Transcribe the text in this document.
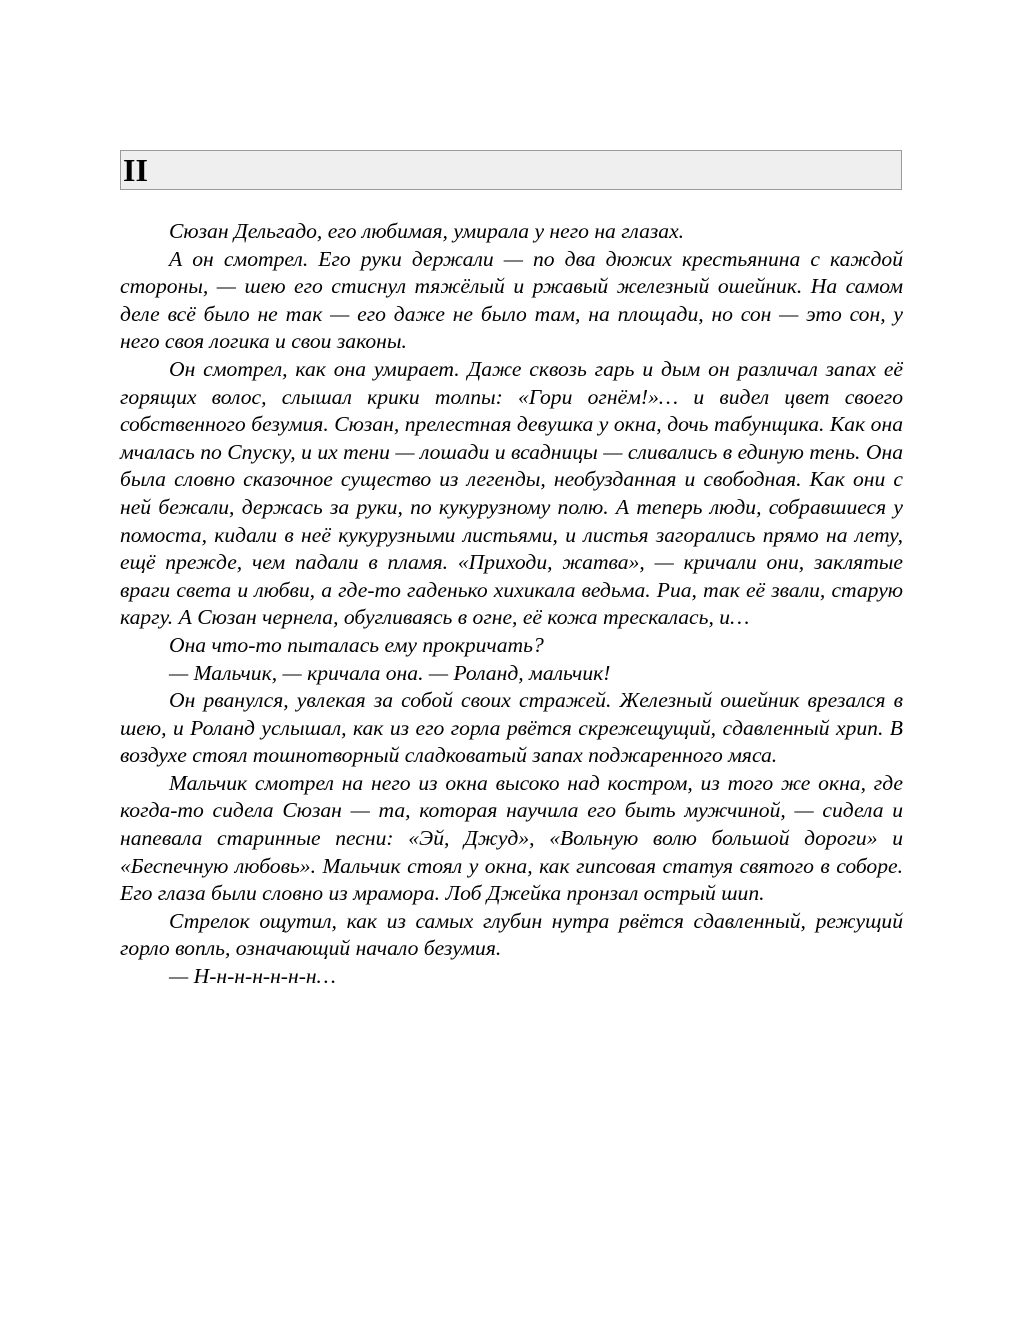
II

Сюзан Дельгадо, его любимая, умирала у него на глазах.

А он смотрел. Его руки держали — по два дюжих крестьянина с каждой стороны, — шею его стиснул тяжёлый и ржавый железный ошейник. На самом деле всё было не так — его даже не было там, на площади, но сон — это сон, у него своя логика и свои законы.

Он смотрел, как она умирает. Даже сквозь гарь и дым он различал запах её горящих волос, слышал крики толпы: «Гори огнём!»… и видел цвет своего собственного безумия. Сюзан, прелестная девушка у окна, дочь табунщика. Как она мчалась по Спуску, и их тени — лошади и всадницы — сливались в единую тень. Она была словно сказочное существо из легенды, необузданная и свободная. Как они с ней бежали, держась за руки, по кукурузному полю. А теперь люди, собравшиеся у помоста, кидали в неё кукурузными листьями, и листья загорались прямо на лету, ещё прежде, чем падали в пламя. «Приходи, жатва», — кричали они, заклятые враги света и любви, а где-то гаденько хихикала ведьма. Риа, так её звали, старую каргу. А Сюзан чернела, обугливаясь в огне, её кожа трескалась, и…

Она что-то пыталась ему прокричать?

— Мальчик, — кричала она. — Роланд, мальчик!

Он рванулся, увлекая за собой своих стражей. Железный ошейник врезался в шею, и Роланд услышал, как из его горла рвётся скрежещущий, сдавленный хрип. В воздухе стоял тошнотворный сладковатый запах поджаренного мяса.

Мальчик смотрел на него из окна высоко над костром, из того же окна, где когда-то сидела Сюзан — та, которая научила его быть мужчиной, — сидела и напевала старинные песни: «Эй, Джуд», «Вольную волю большой дороги» и «Беспечную любовь». Мальчик стоял у окна, как гипсовая статуя святого в соборе. Его глаза были словно из мрамора. Лоб Джейка пронзал острый шип.

Стрелок ощутил, как из самых глубин нутра рвётся сдавленный, режущий горло вопль, означающий начало безумия.

— Н-н-н-н-н-н-н…
